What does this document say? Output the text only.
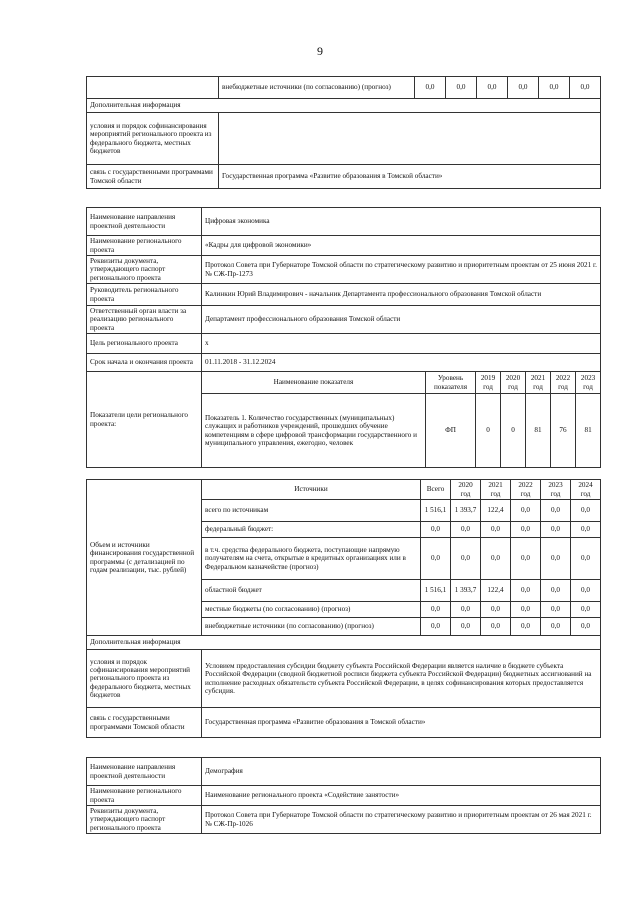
9
	внебюджетные источники (по согласованию) (прогноз)	0,0	0,0	0,0	0,0	0,0	0,0
Дополнительная информация							
условия и порядок софинансирования мероприятий регионального проекта из федерального бюджета, местных бюджетов							
связь с государственными программами Томской области	Государственная программа «Развитие образования в Томской области»						
Наименование направления проектной деятельности	Цифровая экономика						
Наименование регионального проекта	«Кадры для цифровой экономики»						
Реквизиты документа, утверждающего паспорт регионального проекта	Протокол Совета при Губернаторе Томской области по стратегическому развитию и приоритетным проектам от 25 июня 2021 г. № СЖ-Пр-1273						
Руководитель регионального проекта	Калинкин Юрий Владимирович - начальник Департамента профессионального образования Томской области						
Ответственный орган власти за реализацию регионального проекта	Департамент профессионального образования Томской области						
Цель регионального проекта	x						
Срок начала и окончания проекта	01.11.2018 - 31.12.2024						
Показатели цели регионального проекта:	Наименование показателя	Уровень показателя	2019 год	2020 год	2021 год	2022 год	2023 год
	Показатель 1. Количество государственных (муниципальных) служащих и работников учреждений, прошедших обучение компетенциям в сфере цифровой трансформации государственного и муниципального управления, ежегодно, человек	ФП	0	0	81	76	81
Объем и источники финансирования государственной программы (с детализацией по годам реализации, тыс. рублей)	Источники	Всего	2020 год	2021 год	2022 год	2023 год	2024 год
	всего по источникам	1 516,1	1 393,7	122,4	0,0	0,0	0,0
	федеральный бюджет:	0,0	0,0	0,0	0,0	0,0	0,0
	в т.ч. средства федерального бюджета, поступающие напрямую получателям на счета, открытые в кредитных организациях или в Федеральном казначействе (прогноз)	0,0	0,0	0,0	0,0	0,0	0,0
	областной бюджет	1 516,1	1 393,7	122,4	0,0	0,0	0,0
	местные бюджеты (по согласованию) (прогноз)	0,0	0,0	0,0	0,0	0,0	0,0
	внебюджетные источники (по согласованию) (прогноз)	0,0	0,0	0,0	0,0	0,0	0,0
Дополнительная информация							
условия и порядок софинансирования мероприятий регионального проекта из федерального бюджета, местных бюджетов	Условием предоставления субсидии бюджету субъекта Российской Федерации является наличие в бюджете субъекта Российской Федерации (сводной бюджетной росписи бюджета субъекта Российской Федерации) бюджетных ассигнований на исполнение расходных обязательств субъекта Российской Федерации, в целях софинансирования которых предоставляется субсидия.						
связь с государственными программами Томской области	Государственная программа «Развитие образования в Томской области»						
Наименование направления проектной деятельности	Демография
Наименование регионального проекта	Наименование регионального проекта «Содействие занятости»
Реквизиты документа, утверждающего паспорт регионального проекта	Протокол Совета при Губернаторе Томской области по стратегическому развитию и приоритетным проектам от 26 мая 2021 г. № СЖ-Пр-1026
